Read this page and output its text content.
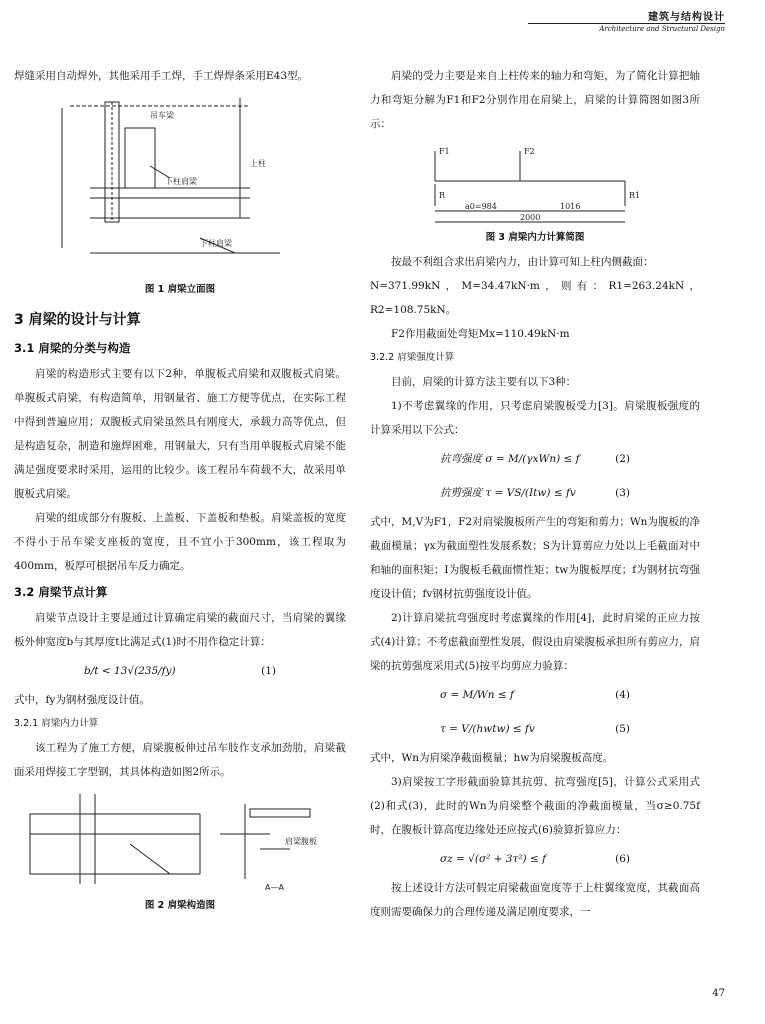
建筑与结构设计
Architecture and Structural Design

焊缝采用自动焊外，其他采用手工焊，手工焊焊条采用E43型。

吊车梁
下柱肩梁
上柱
下柱肩梁
图 1 肩梁立面图
3 肩梁的设计与计算
3.1 肩梁的分类与构造

肩梁的构造形式主要有以下2种，单腹板式肩梁和双腹板式肩梁。单腹板式肩梁，有构造简单，用钢量省、施工方便等优点，在实际工程中得到普遍应用；双腹板式肩梁虽然具有刚度大，承载力高等优点，但是构造复杂，制造和施焊困难，用钢量大，只有当用单腹板式肩梁不能满足强度要求时采用，运用的比较少。该工程吊车荷载不大，故采用单腹板式肩梁。

肩梁的组成部分有腹板、上盖板、下盖板和垫板。肩梁盖板的宽度不得小于吊车梁支座板的宽度，且不宜小于300mm，该工程取为400mm，板厚可根据吊车反力确定。

3.2 肩梁节点计算

肩梁节点设计主要是通过计算确定肩梁的截面尺寸，当肩梁的翼缘板外伸宽度b与其厚度t比满足式(1)时不用作稳定计算：

b/t < 13√(235/fy)	(1)

式中，fy为钢材强度设计值。

3.2.1 肩梁内力计算

该工程为了施工方便，肩梁腹板伸过吊车肢作支承加劲肋，肩梁截面采用焊接工字型钢，其具体构造如图2所示。

肩梁腹板
A—A
图 2 肩梁构造图

肩梁的受力主要是来自上柱传来的轴力和弯矩，为了简化计算把轴力和弯矩分解为F1和F2分别作用在肩梁上，肩梁的计算简图如图3所示：

F1	F2
R	R1
a0=984	1016
2000
图 3 肩梁内力计算简图

按最不利组合求出肩梁内力，由计算可知上柱内侧截面：

N=371.99kN，M=34.47kN·m，则有：R1=263.24kN，R2=108.75kN。

F2作用截面处弯矩Mx=110.49kN·m

3.2.2 肩梁强度计算

目前，肩梁的计算方法主要有以下3种：

1)不考虑翼缘的作用，只考虑肩梁腹板受力[3]。肩梁腹板强度的计算采用以下公式：

抗弯强度 σ = M/(γxWn) ≤ f	(2)
抗剪强度 τ = VS/(Itw) ≤ fv	(3)

式中，M,V为F1，F2对肩梁腹板所产生的弯矩和剪力；Wn为腹板的净截面模量；γx为截面塑性发展系数；S为计算剪应力处以上毛截面对中和轴的面积矩；I为腹板毛截面惯性矩；tw为腹板厚度；f为钢材抗弯强度设计值；fv钢材抗剪强度设计值。

2)计算肩梁抗弯强度时考虑翼缘的作用[4]，此时肩梁的正应力按式(4)计算；不考虑截面塑性发展，假设由肩梁腹板承担所有剪应力，肩梁的抗剪强度采用式(5)按平均剪应力验算：

σ = M/Wn ≤ f	(4)
τ = V/(hwtw) ≤ fv	(5)

式中，Wn为肩梁净截面模量；hw为肩梁腹板高度。

3)肩梁按工字形截面验算其抗剪、抗弯强度[5]，计算公式采用式(2)和式(3)，此时的Wn为肩梁整个截面的净截面模量，当σ≥0.75f时，在腹板计算高度边缘处还应按式(6)验算折算应力：

σz = √(σ² + 3τ²) ≤ f	(6)

按上述设计方法可假定肩梁截面宽度等于上柱翼缘宽度，其截面高度则需要确保力的合理传递及满足刚度要求，一

47
